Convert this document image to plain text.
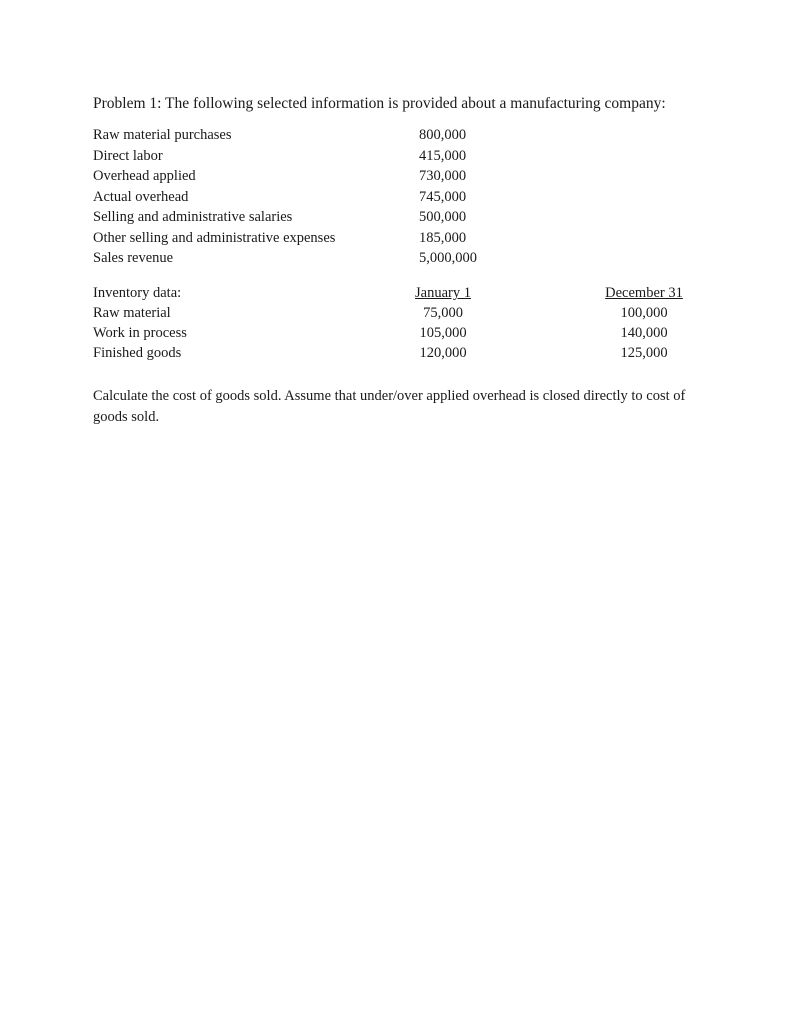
Problem 1: The following selected information is provided about a manufacturing company:
Raw material purchases	800,000
Direct labor	415,000
Overhead applied	730,000
Actual overhead	745,000
Selling and administrative salaries	500,000
Other selling and administrative expenses	185,000
Sales revenue	5,000,000
Inventory data:	January 1	December 31
Raw material	75,000	100,000
Work in process	105,000	140,000
Finished goods	120,000	125,000

Calculate the cost of goods sold. Assume that under/over applied overhead is closed directly to cost of goods sold.
